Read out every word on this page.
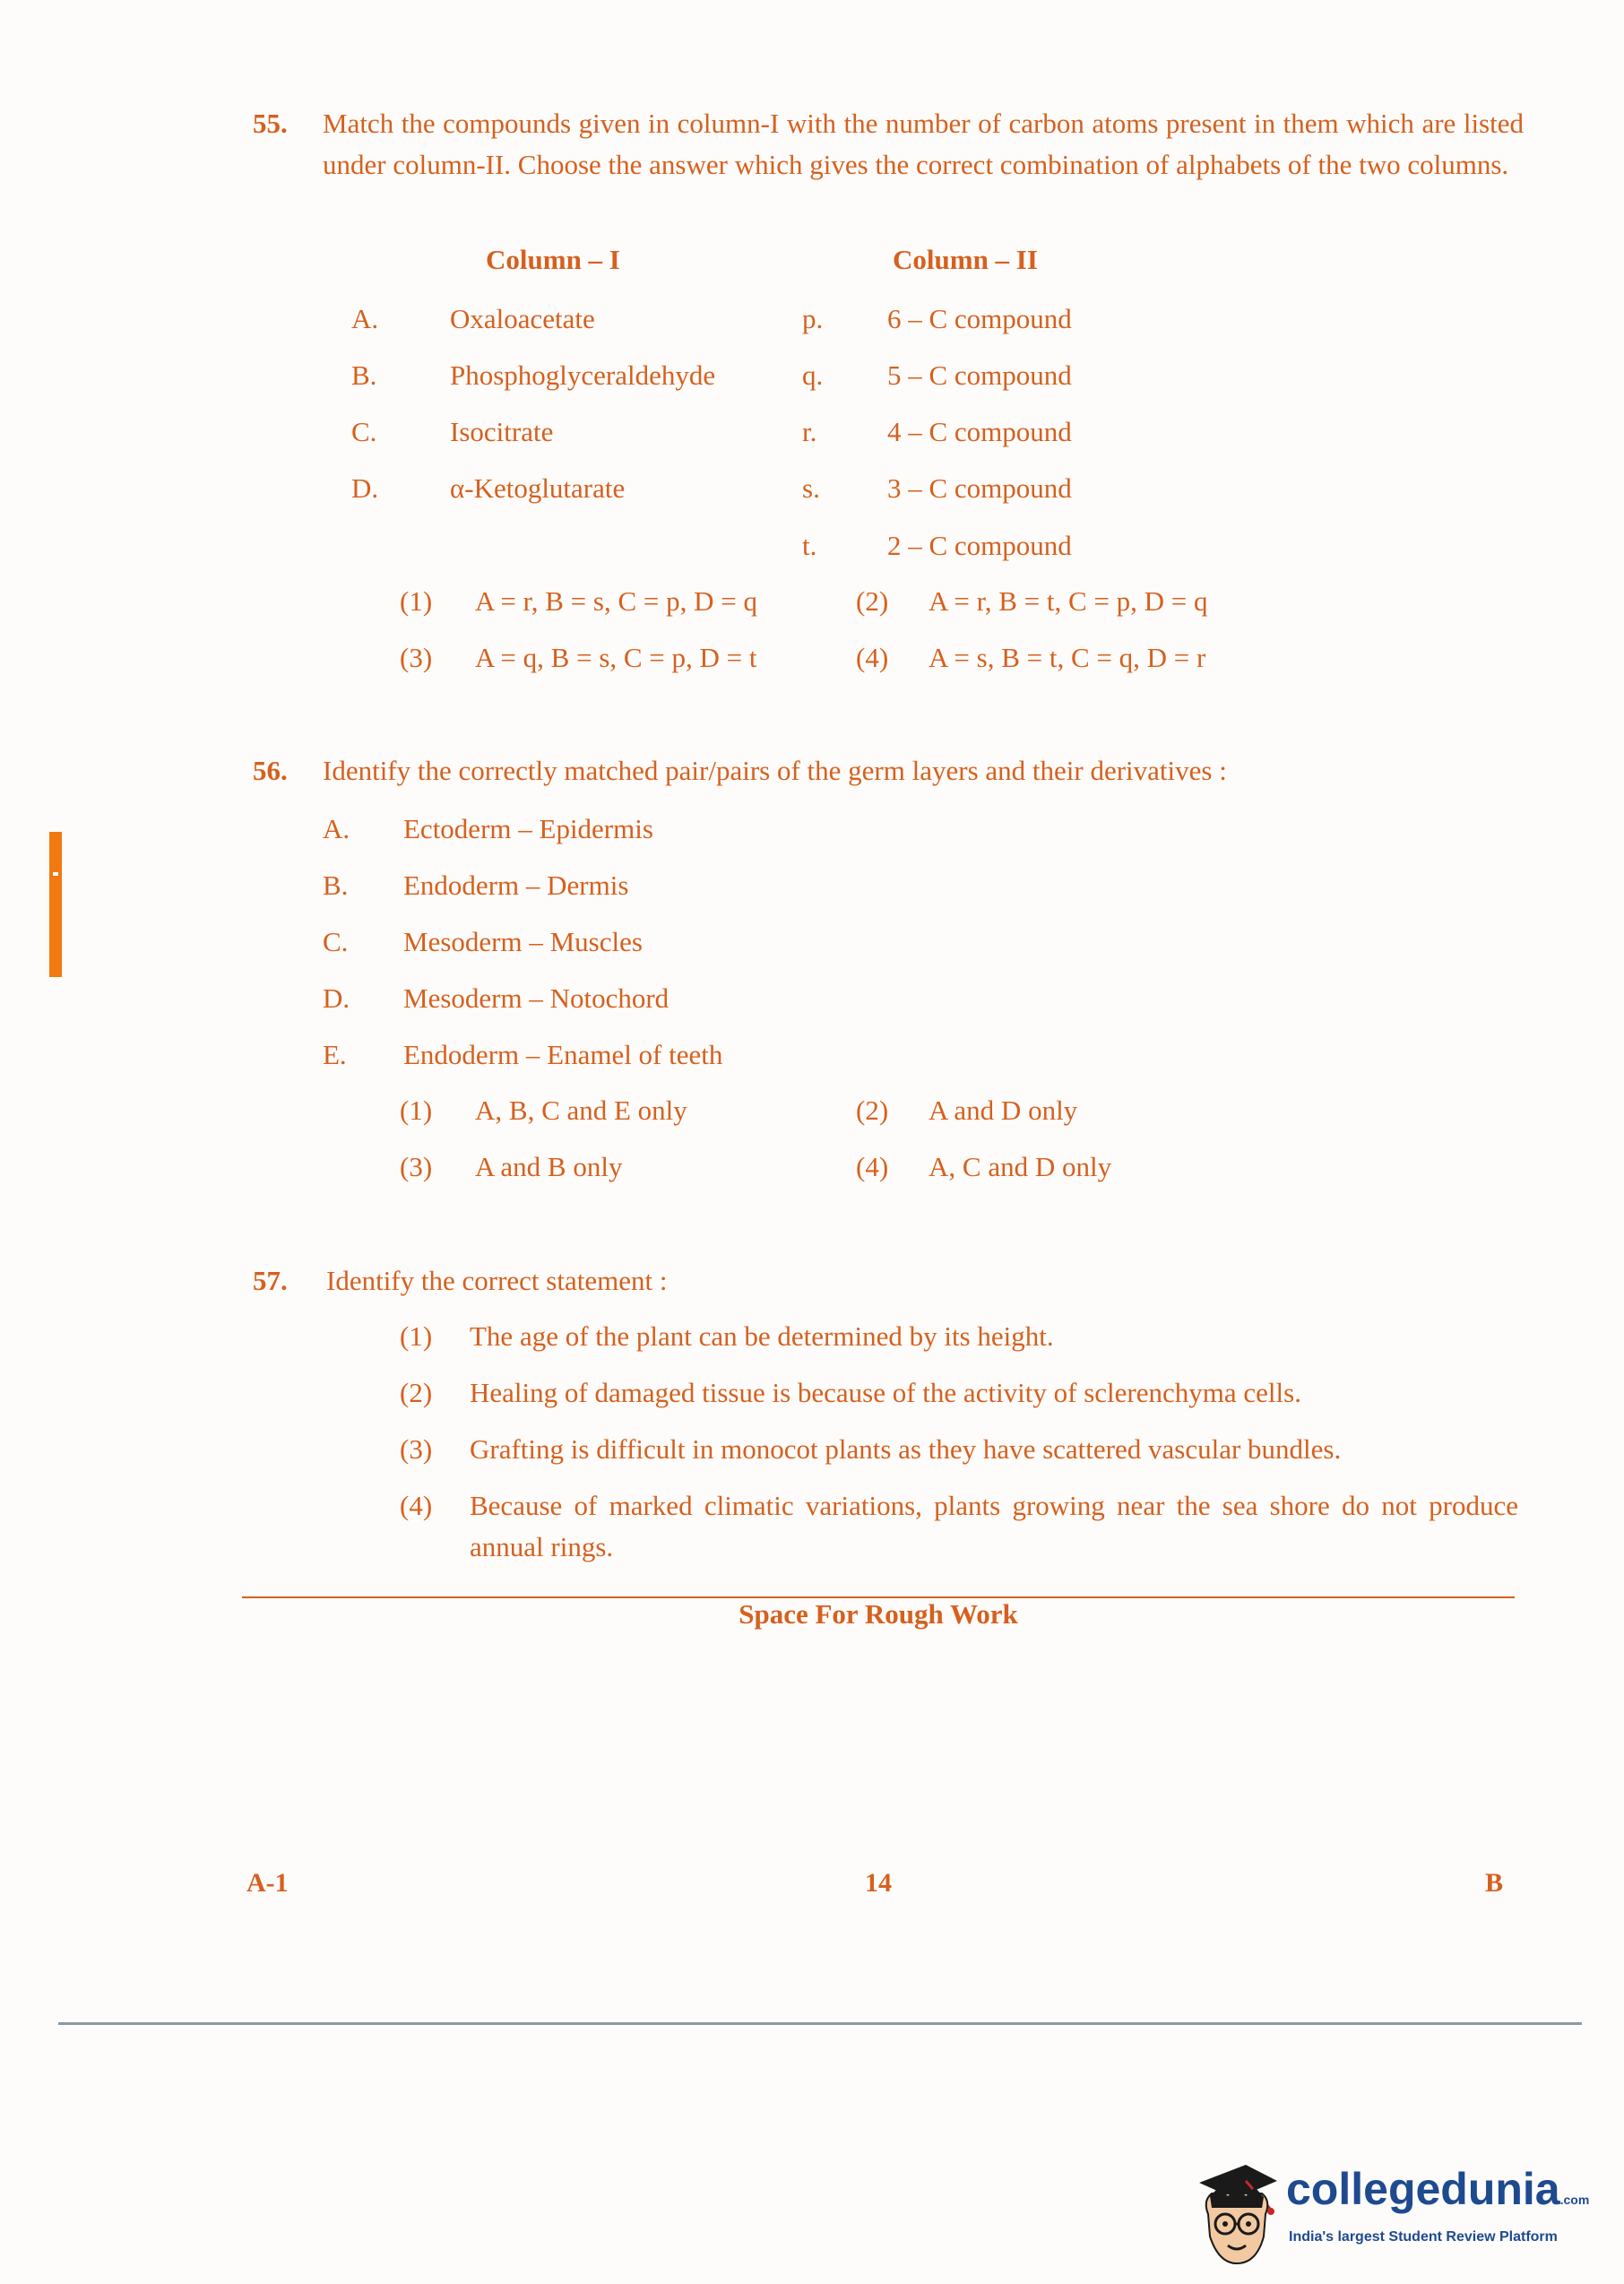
55. Match the compounds given in column-I with the number of carbon atoms present in them which are listed under column-II. Choose the answer which gives the correct combination of alphabets of the two columns.
Column – I	Column – II
A.	Oxaloacetate	p. 6 – C compound
B.	Phosphoglyceraldehyde	q. 5 – C compound
C.	Isocitrate	r.	4 – C compound
D.	α-Ketoglutarate	s. 3 – C compound
t.	2 – C compound
(1) A = r, B = s, C = p, D = q	(2) A = r, B = t, C = p, D = q
(3) A = q, B = s, C = p, D = t	(4) A = s, B = t, C = q, D = r
56. Identify the correctly matched pair/pairs of the germ layers and their derivatives :
A. Ectoderm – Epidermis
B. Endoderm – Dermis
C. Mesoderm – Muscles
D. Mesoderm – Notochord
E. Endoderm – Enamel of teeth
(1) A, B, C and E only	(2) A and D only
(3) A and B only	(4) A, C and D only
57. Identify the correct statement :
(1) The age of the plant can be determined by its height.
(2) Healing of damaged tissue is because of the activity of sclerenchyma cells.
(3) Grafting is difficult in monocot plants as they have scattered vascular bundles.
(4) Because of marked climatic variations, plants growing near the sea shore do not produce annual rings.
Space For Rough Work
A-1	14	B
collegedunia.com
India's largest Student Review Platform
